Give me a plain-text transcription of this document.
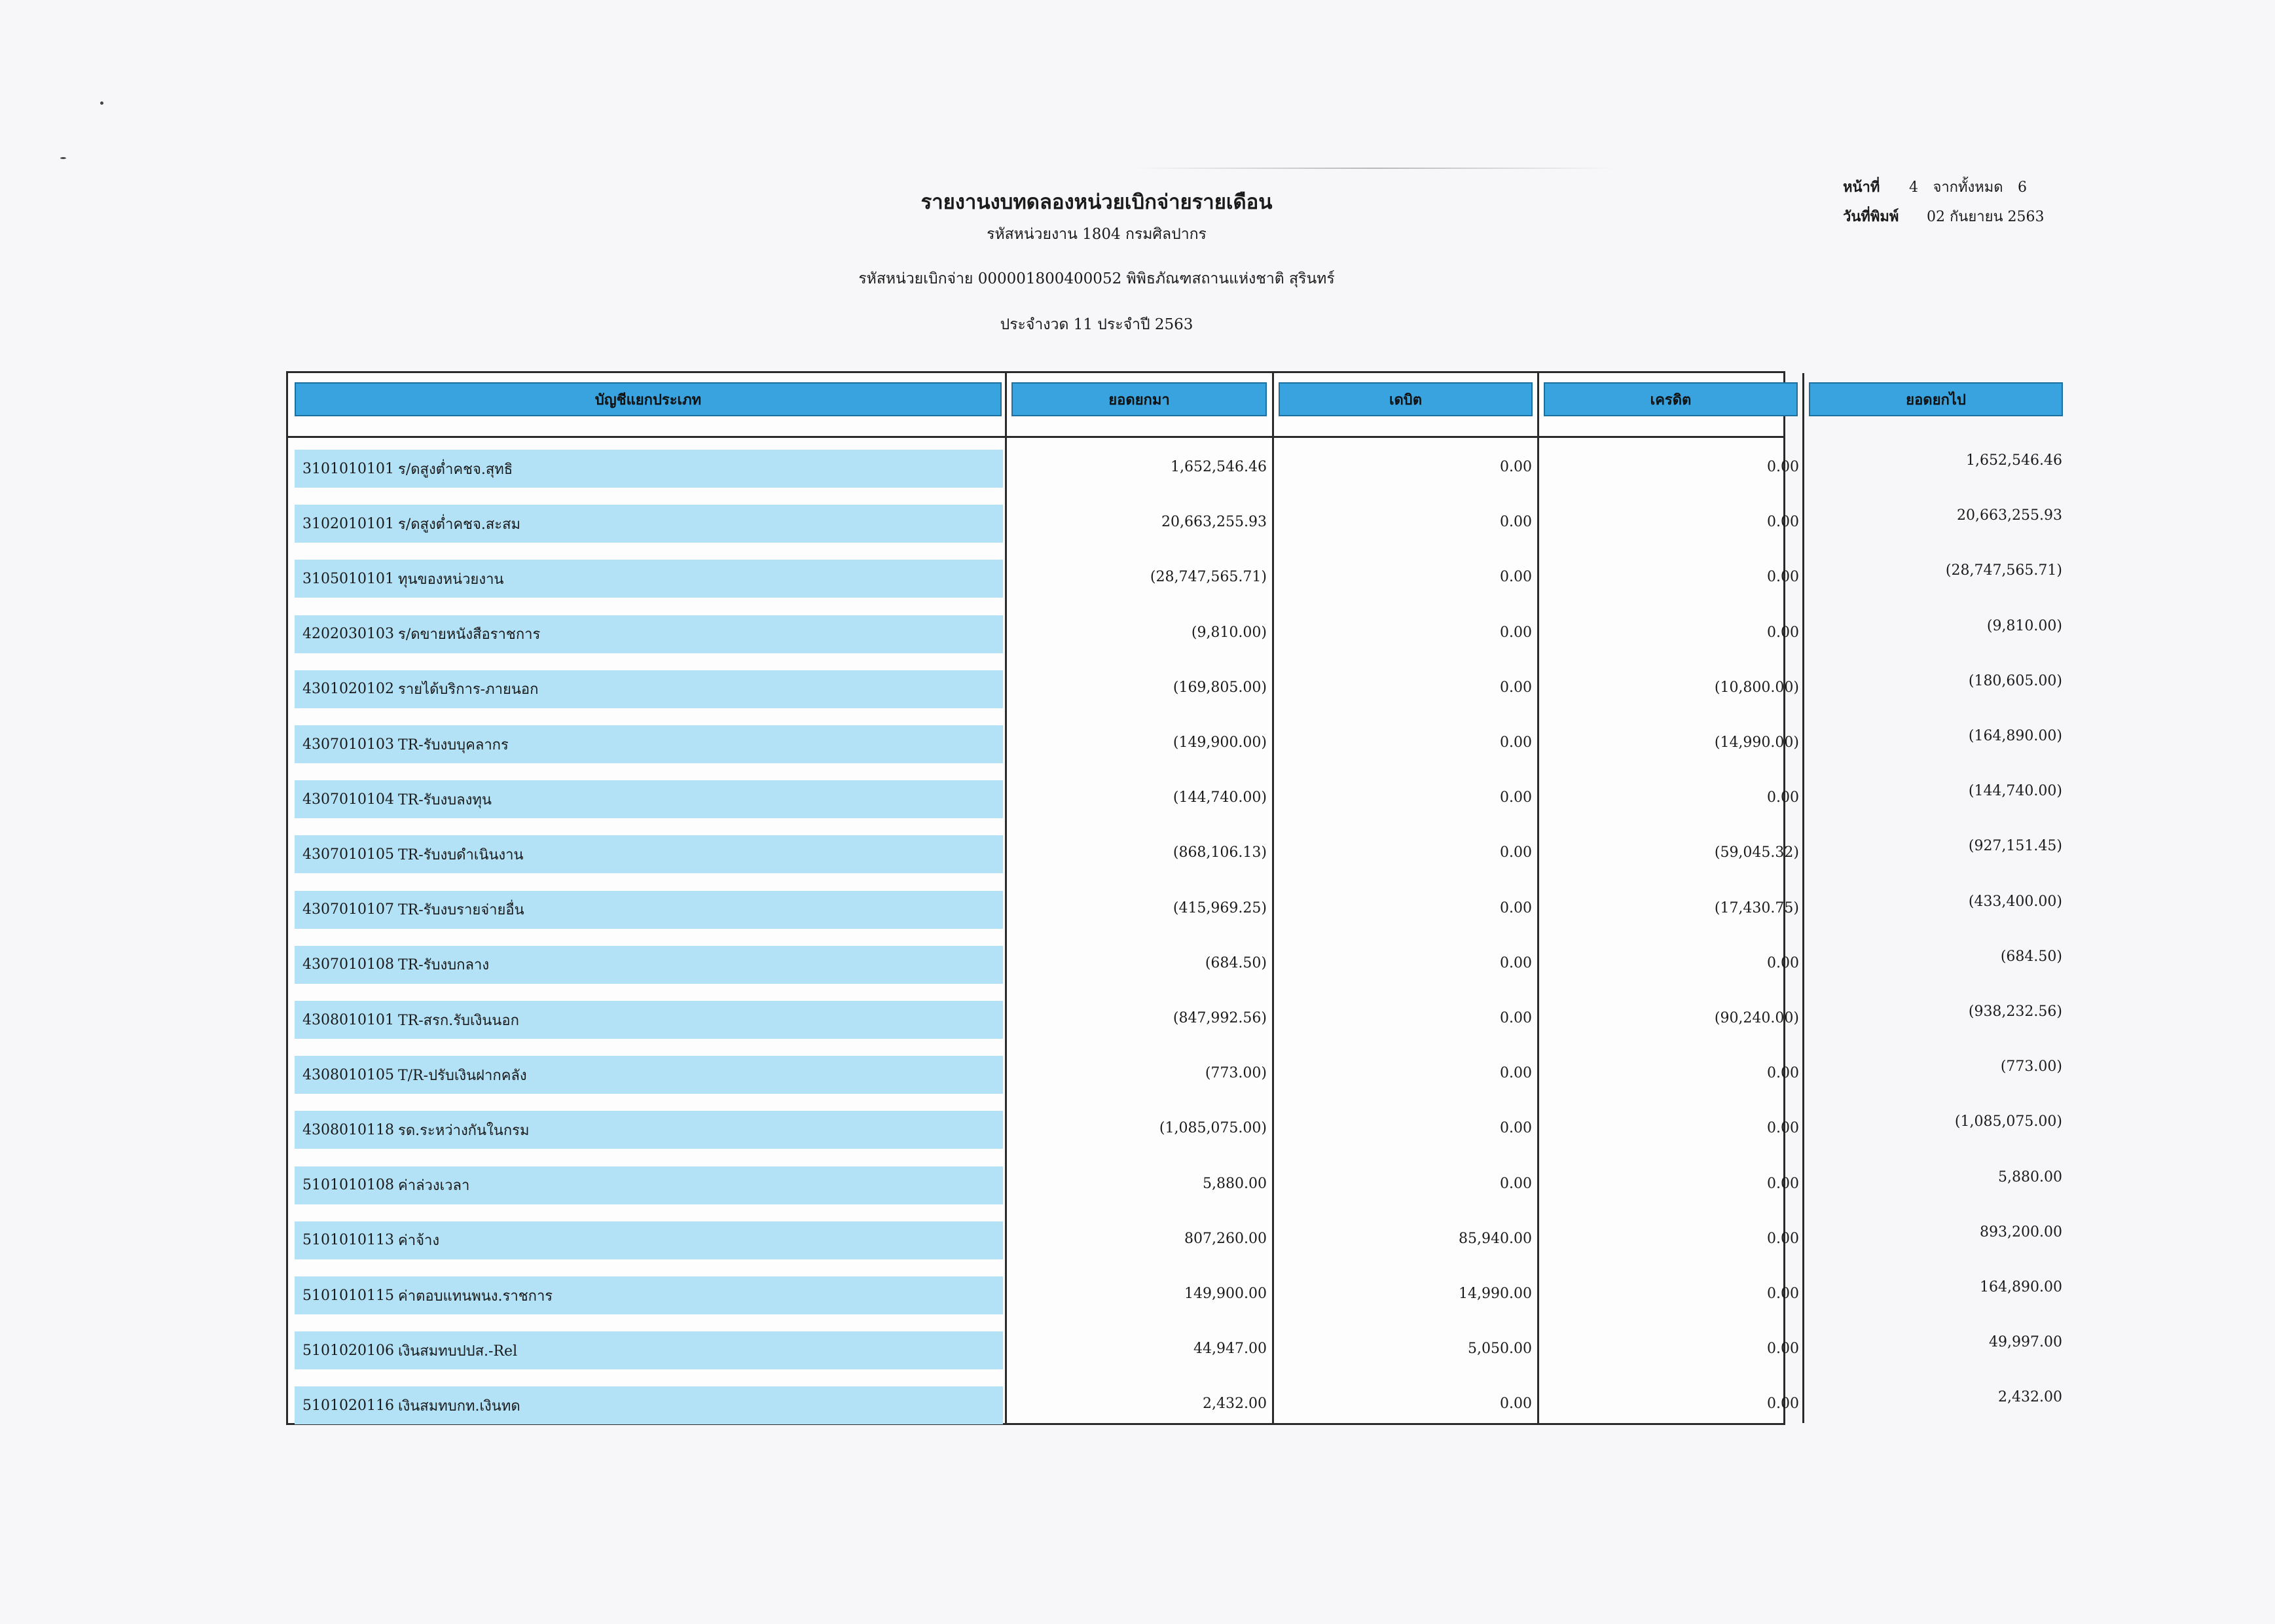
รายงานงบทดลองหน่วยเบิกจ่ายรายเดือน
รหัสหน่วยงาน 1804 กรมศิลปากร
รหัสหน่วยเบิกจ่าย 000001800400052 พิพิธภัณฑสถานแห่งชาติ สุรินทร์
ประจำงวด 11 ประจำปี 2563
หน้าที่ 4 จากทั้งหมด 6
วันที่พิมพ์ 02 กันยายน 2563
บัญชีแยกประเภท	ยอดยกมา	เดบิต	เครดิต	ยอดยกไป
3101010101 ร/ดสูงต่ำคชจ.สุทธิ	1,652,546.46	0.00	0.00	1,652,546.46
3102010101 ร/ดสูงต่ำคชจ.สะสม	20,663,255.93	0.00	0.00	20,663,255.93
3105010101 ทุนของหน่วยงาน	(28,747,565.71)	0.00	0.00	(28,747,565.71)
4202030103 ร/ดขายหนังสือราชการ	(9,810.00)	0.00	0.00	(9,810.00)
4301020102 รายได้บริการ-ภายนอก	(169,805.00)	0.00	(10,800.00)	(180,605.00)
4307010103 TR-รับงบบุคลากร	(149,900.00)	0.00	(14,990.00)	(164,890.00)
4307010104 TR-รับงบลงทุน	(144,740.00)	0.00	0.00	(144,740.00)
4307010105 TR-รับงบดำเนินงาน	(868,106.13)	0.00	(59,045.32)	(927,151.45)
4307010107 TR-รับงบรายจ่ายอื่น	(415,969.25)	0.00	(17,430.75)	(433,400.00)
4307010108 TR-รับงบกลาง	(684.50)	0.00	0.00	(684.50)
4308010101 TR-สรก.รับเงินนอก	(847,992.56)	0.00	(90,240.00)	(938,232.56)
4308010105 T/R-ปรับเงินฝากคลัง	(773.00)	0.00	0.00	(773.00)
4308010118 รด.ระหว่างกันในกรม	(1,085,075.00)	0.00	0.00	(1,085,075.00)
5101010108 ค่าล่วงเวลา	5,880.00	0.00	0.00	5,880.00
5101010113 ค่าจ้าง	807,260.00	85,940.00	0.00	893,200.00
5101010115 ค่าตอบแทนพนง.ราชการ	149,900.00	14,990.00	0.00	164,890.00
5101020106 เงินสมทบปปส.-Rel	44,947.00	5,050.00	0.00	49,997.00
5101020116 เงินสมทบกท.เงินทด	2,432.00	0.00	0.00	2,432.00
